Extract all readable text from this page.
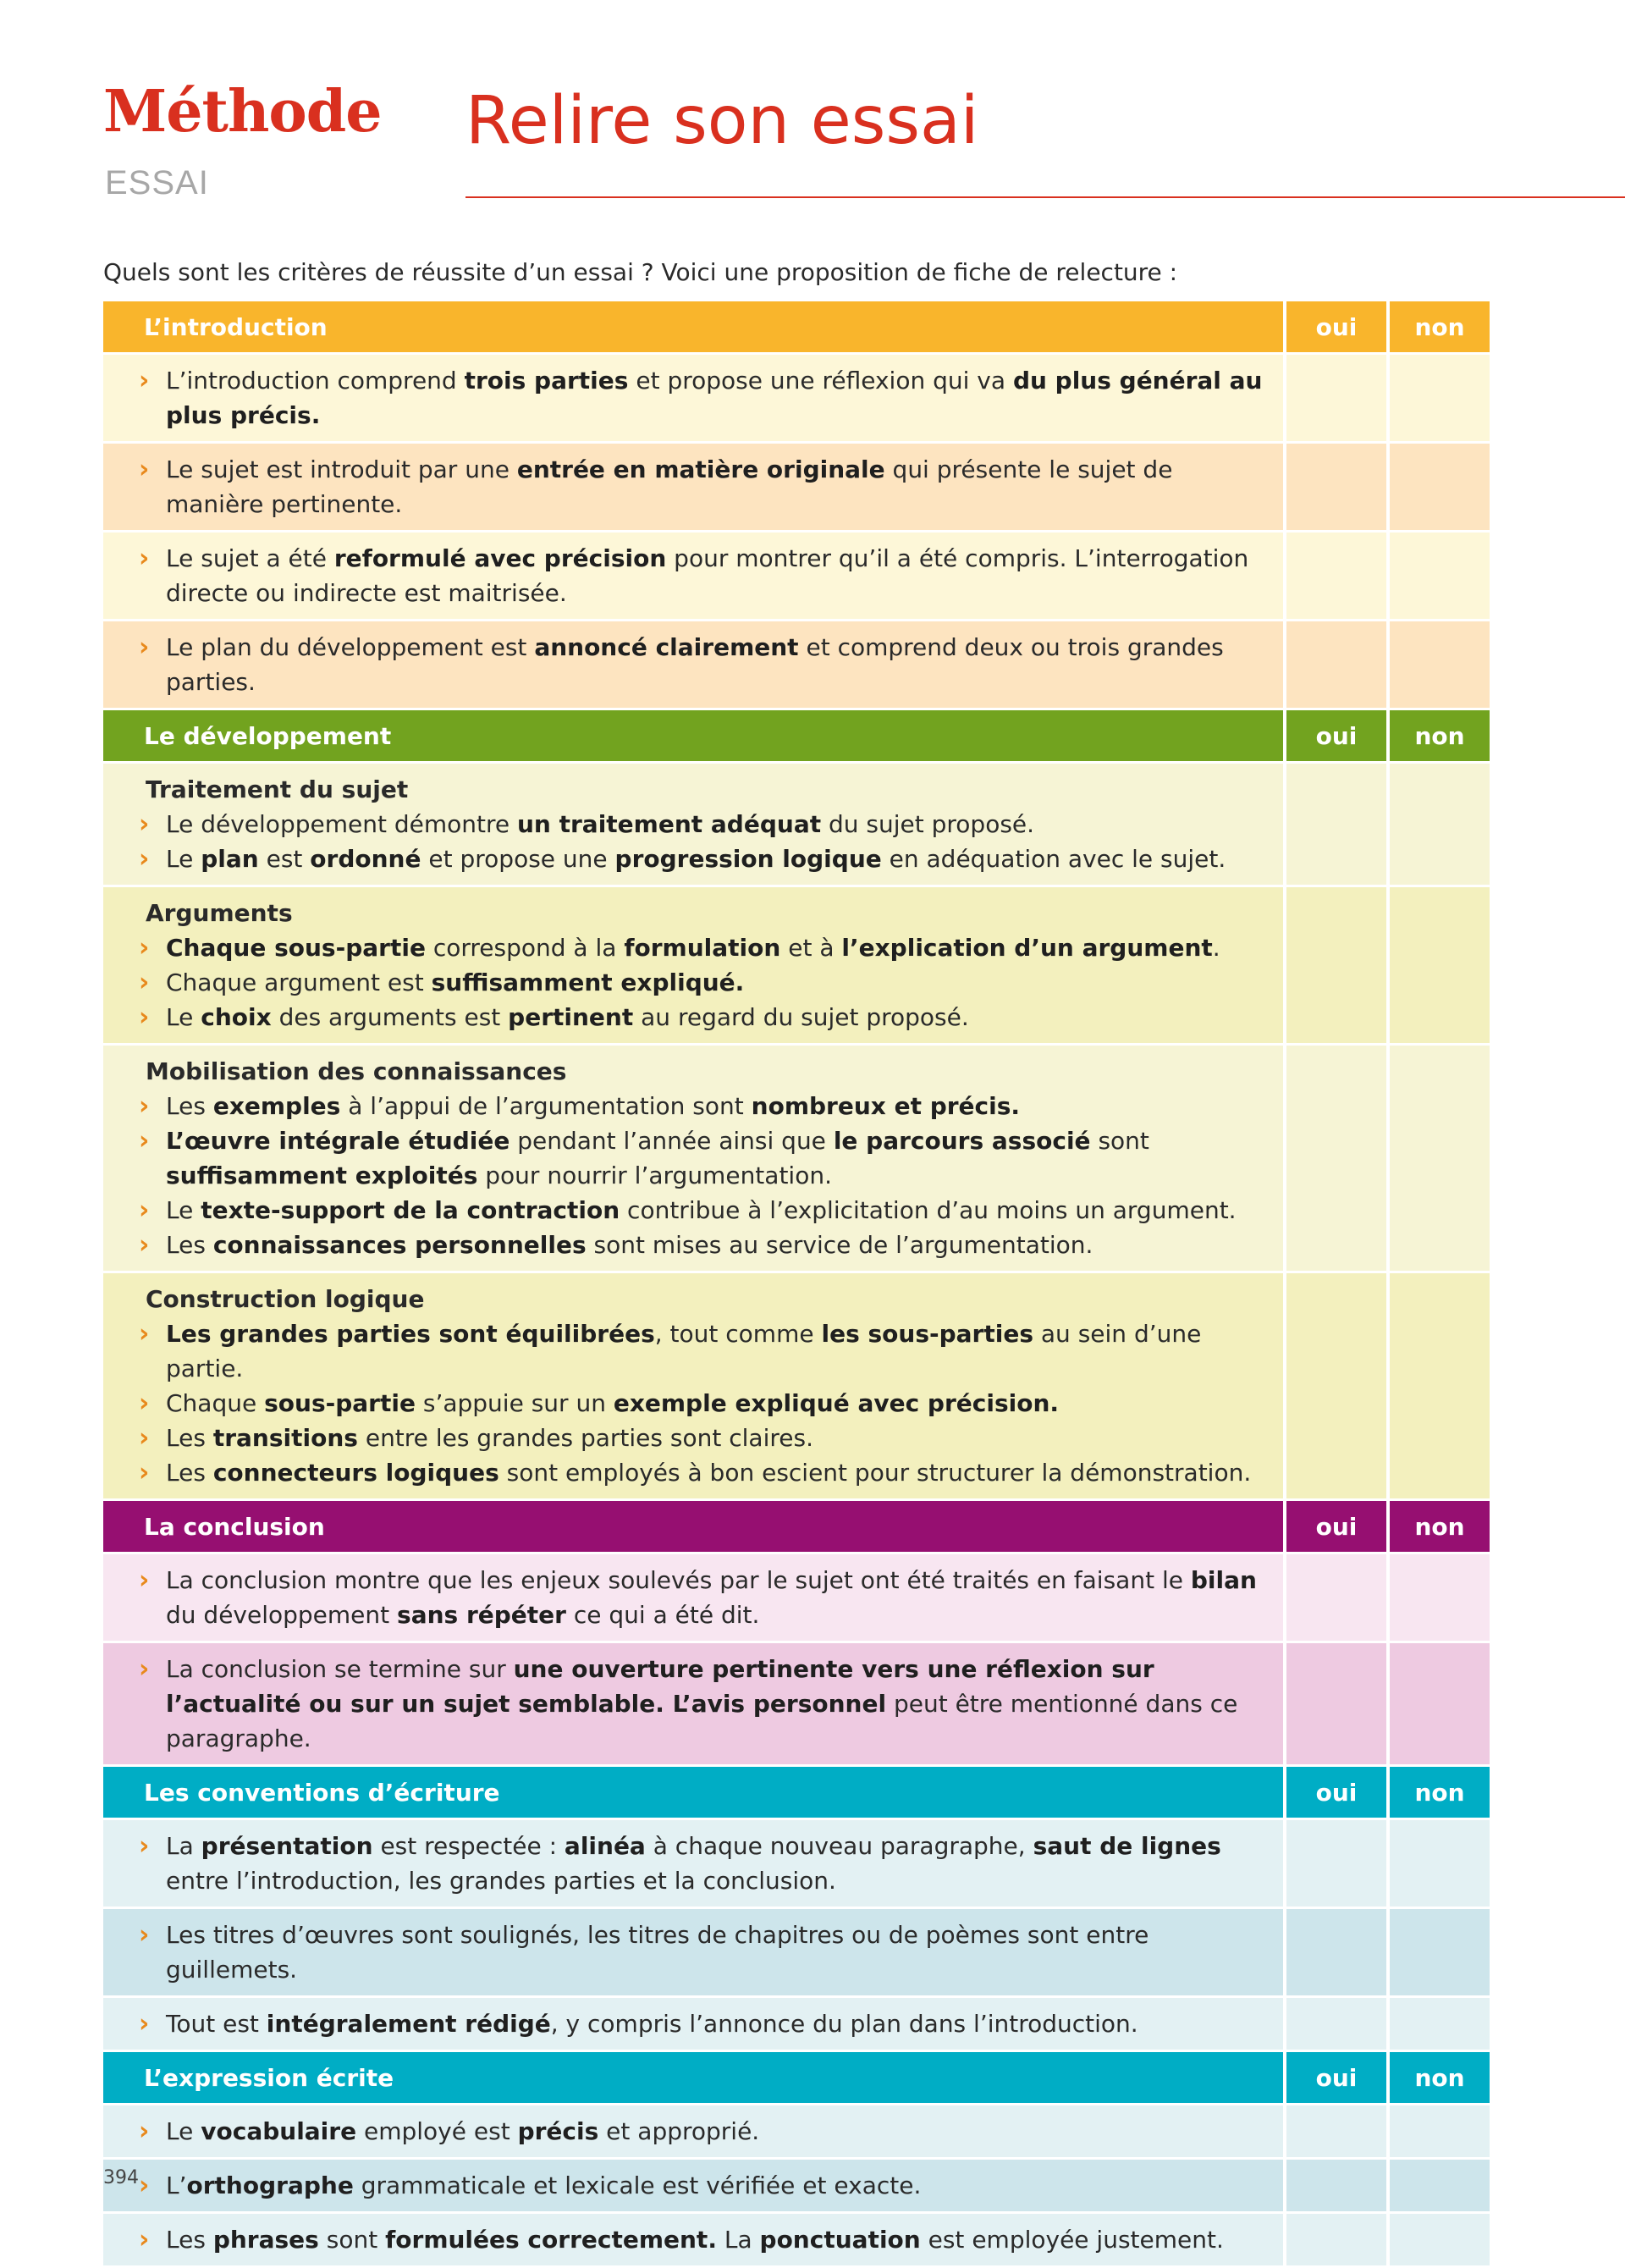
Méthode
ESSAI
Relire son essai
Quels sont les critères de réussite d’un essai ? Voici une proposition de fiche de relecture :
L’introduction	oui	non
› L’introduction comprend trois parties et propose une réflexion qui va du plus général au plus précis.
› Le sujet est introduit par une entrée en matière originale qui présente le sujet de manière pertinente.
› Le sujet a été reformulé avec précision pour montrer qu’il a été compris. L’interrogation directe ou indirecte est maitrisée.
› Le plan du développement est annoncé clairement et comprend deux ou trois grandes parties.
Le développement	oui	non
Traitement du sujet
› Le développement démontre un traitement adéquat du sujet proposé.
› Le plan est ordonné et propose une progression logique en adéquation avec le sujet.
Arguments
› Chaque sous-partie correspond à la formulation et à l’explication d’un argument.
› Chaque argument est suffisamment expliqué.
› Le choix des arguments est pertinent au regard du sujet proposé.
Mobilisation des connaissances
› Les exemples à l’appui de l’argumentation sont nombreux et précis.
› L’œuvre intégrale étudiée pendant l’année ainsi que le parcours associé sont suffisamment exploités pour nourrir l’argumentation.
› Le texte-support de la contraction contribue à l’explicitation d’au moins un argument.
› Les connaissances personnelles sont mises au service de l’argumentation.
Construction logique
› Les grandes parties sont équilibrées, tout comme les sous-parties au sein d’une partie.
› Chaque sous-partie s’appuie sur un exemple expliqué avec précision.
› Les transitions entre les grandes parties sont claires.
› Les connecteurs logiques sont employés à bon escient pour structurer la démonstration.
La conclusion	oui	non
› La conclusion montre que les enjeux soulevés par le sujet ont été traités en faisant le bilan du développement sans répéter ce qui a été dit.
› La conclusion se termine sur une ouverture pertinente vers une réflexion sur l’actualité ou sur un sujet semblable. L’avis personnel peut être mentionné dans ce paragraphe.
Les conventions d’écriture	oui	non
› La présentation est respectée : alinéa à chaque nouveau paragraphe, saut de lignes entre l’introduction, les grandes parties et la conclusion.
› Les titres d’œuvres sont soulignés, les titres de chapitres ou de poèmes sont entre guillemets.
› Tout est intégralement rédigé, y compris l’annonce du plan dans l’introduction.
L’expression écrite	oui	non
› Le vocabulaire employé est précis et approprié.
› L’orthographe grammaticale et lexicale est vérifiée et exacte.
› Les phrases sont formulées correctement. La ponctuation est employée justement.
394
